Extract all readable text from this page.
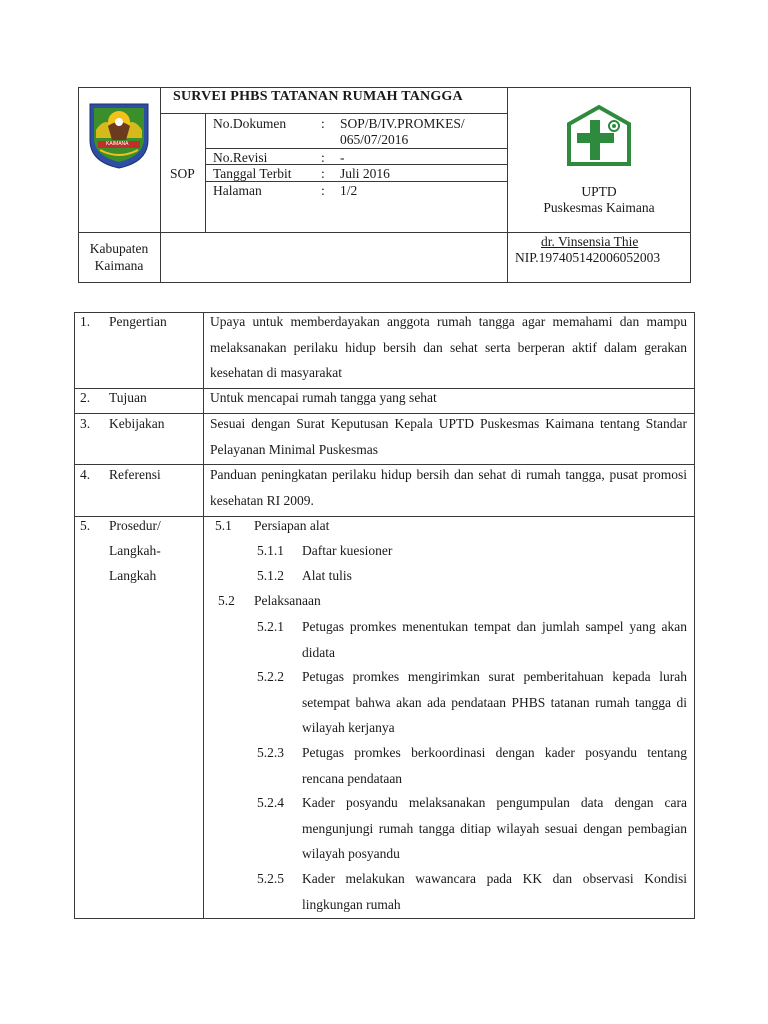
KAIMANA
SURVEI PHBS TATANAN RUMAH TANGGA
SOP
No.Dokumen	: SOP/B/IV.PROMKES/
065/07/2016
No.Revisi	: -
Tanggal Terbit : Juli 2016
Halaman	: 1/2	UPTD
Puskesmas Kaimana
Kabupaten
Kaimana
dr. Vinsensia Thie
NIP.197405142006052003
1. Pengertian	Upaya untuk memberdayakan anggota rumah tangga agar memahami dan mampu melaksanakan perilaku hidup bersih dan sehat serta berperan aktif dalam gerakan kesehatan di masyarakat
2. Tujuan	Untuk mencapai rumah tangga yang sehat
3. Kebijakan	Sesuai dengan Surat Keputusan Kepala UPTD Puskesmas Kaimana tentang Standar Pelayanan Minimal Puskesmas
4. Referensi	Panduan peningkatan perilaku hidup bersih dan sehat di rumah tangga, pusat promosi kesehatan RI 2009.
5. Prosedur/
Langkah-
Langkah
5.1 Persiapan alat
5.1.1 Daftar kuesioner
5.1.2 Alat tulis
5.2 Pelaksanaan
5.2.1 Petugas promkes menentukan tempat dan jumlah sampel yang akan didata
5.2.2 Petugas promkes mengirimkan surat pemberitahuan kepada lurah setempat bahwa akan ada pendataan PHBS tatanan rumah tangga di wilayah kerjanya
5.2.3 Petugas promkes berkoordinasi dengan kader posyandu tentang rencana pendataan
5.2.4 Kader posyandu melaksanakan pengumpulan data dengan cara mengunjungi rumah tangga ditiap wilayah sesuai dengan pembagian wilayah posyandu
5.2.5 Kader melakukan wawancara pada KK dan observasi Kondisi lingkungan rumah
